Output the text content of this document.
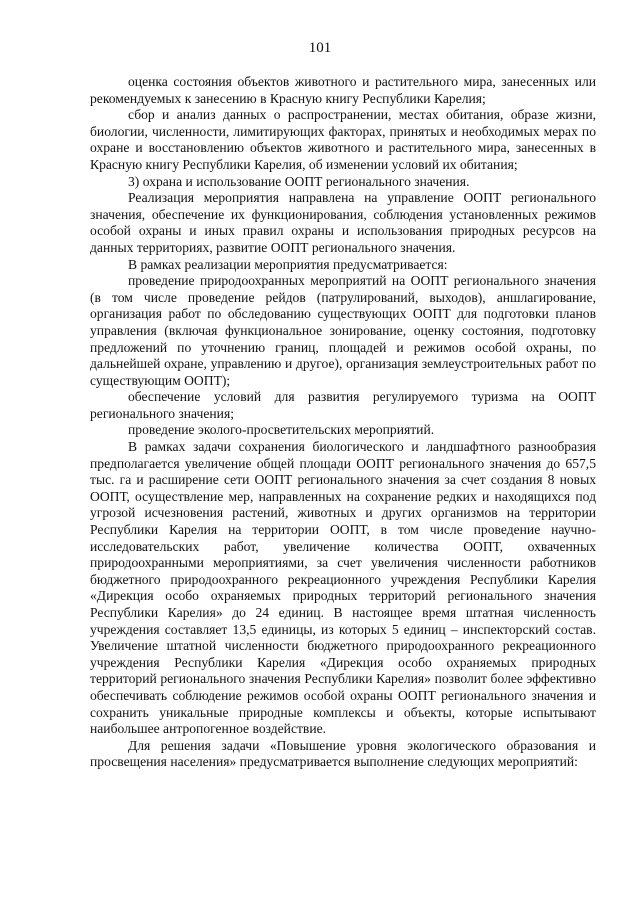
101

оценка состояния объектов животного и растительного мира, занесенных или рекомендуемых к занесению в Красную книгу Республики Карелия;

сбор и анализ данных о распространении, местах обитания, образе жизни, биологии, численности, лимитирующих факторах, принятых и необходимых мерах по охране и восстановлению объектов животного и растительного мира, занесенных в Красную книгу Республики Карелия, об изменении условий их обитания;

3) охрана и использование ООПТ регионального значения.

Реализация мероприятия направлена на управление ООПТ регионального значения, обеспечение их функционирования, соблюдения установленных режимов особой охраны и иных правил охраны и использования природных ресурсов на данных территориях, развитие ООПТ регионального значения.

В рамках реализации мероприятия предусматривается:

проведение природоохранных мероприятий на ООПТ регионального значения (в том числе проведение рейдов (патрулирований, выходов), аншлагирование, организация работ по обследованию существующих ООПТ для подготовки планов управления (включая функциональное зонирование, оценку состояния, подготовку предложений по уточнению границ, площадей и режимов особой охраны, по дальнейшей охране, управлению и другое), организация землеустроительных работ по существующим ООПТ);

обеспечение условий для развития регулируемого туризма на ООПТ регионального значения;

проведение эколого-просветительских мероприятий.

В рамках задачи сохранения биологического и ландшафтного разнообразия предполагается увеличение общей площади ООПТ регионального значения до 657,5 тыс. га и расширение сети ООПТ регионального значения за счет создания 8 новых ООПТ, осуществление мер, направленных на сохранение редких и находящихся под угрозой исчезновения растений, животных и других организмов на территории Республики Карелия на территории ООПТ, в том числе проведение научно-исследовательских работ, увеличение количества ООПТ, охваченных природоохранными мероприятиями, за счет увеличения численности работников бюджетного природоохранного рекреационного учреждения Республики Карелия «Дирекция особо охраняемых природных территорий регионального значения Республики Карелия» до 24 единиц. В настоящее время штатная численность учреждения составляет 13,5 единицы, из которых 5 единиц – инспекторский состав. Увеличение штатной численности бюджетного природоохранного рекреационного учреждения Республики Карелия «Дирекция особо охраняемых природных территорий регионального значения Республики Карелия» позволит более эффективно обеспечивать соблюдение режимов особой охраны ООПТ регионального значения и сохранить уникальные природные комплексы и объекты, которые испытывают наибольшее антропогенное воздействие.

Для решения задачи «Повышение уровня экологического образования и просвещения населения» предусматривается выполнение следующих мероприятий:
